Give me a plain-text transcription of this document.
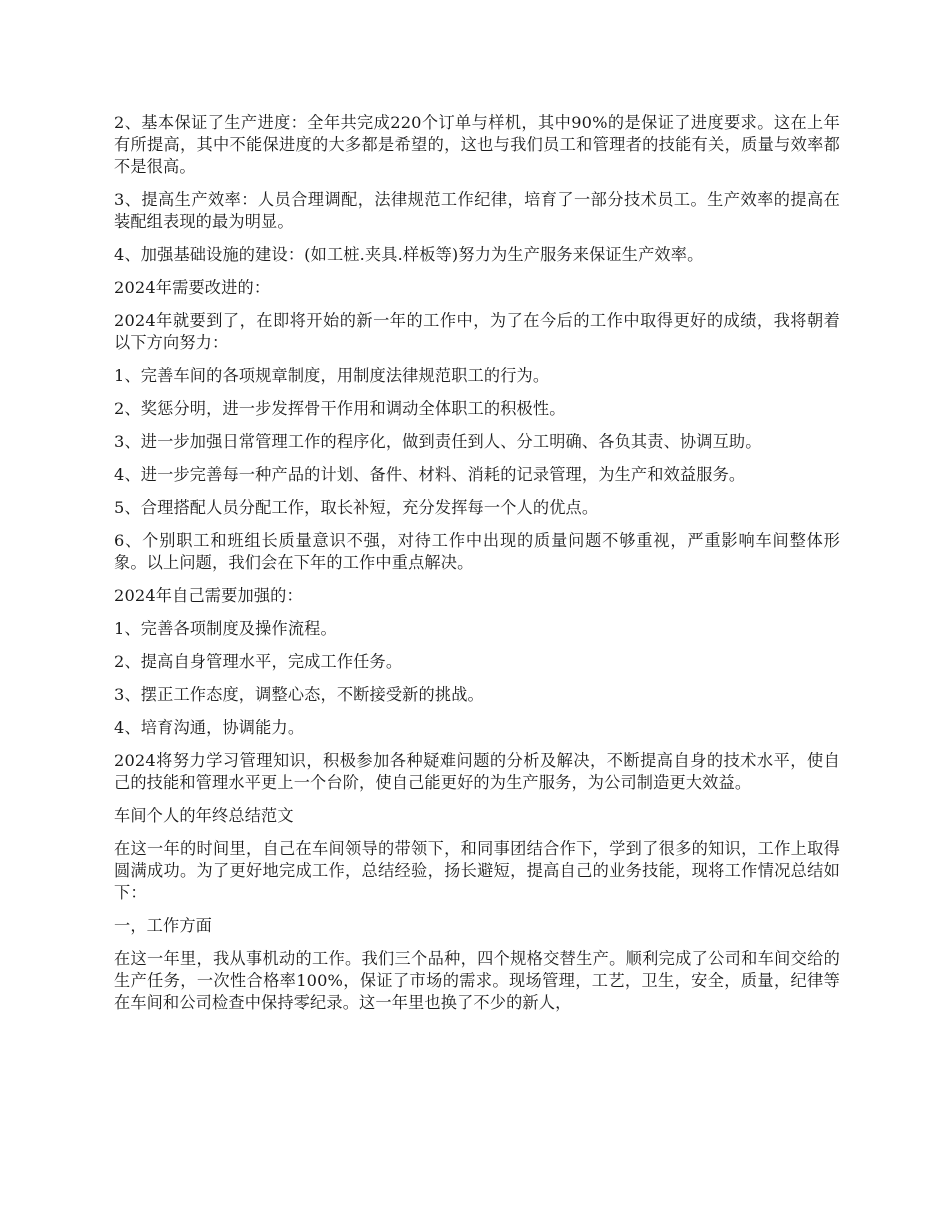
2、基本保证了生产进度：全年共完成220个订单与样机，其中90%的是保证了进度要求。这在上年有所提高，其中不能保进度的大多都是希望的，这也与我们员工和管理者的技能有关，质量与效率都不是很高。

3、提高生产效率：人员合理调配，法律规范工作纪律，培育了一部分技术员工。生产效率的提高在装配组表现的最为明显。

4、加强基础设施的建设：(如工桩.夹具.样板等)努力为生产服务来保证生产效率。

2024年需要改进的：

2024年就要到了，在即将开始的新一年的工作中，为了在今后的工作中取得更好的成绩，我将朝着以下方向努力：

1、完善车间的各项规章制度，用制度法律规范职工的行为。

2、奖惩分明，进一步发挥骨干作用和调动全体职工的积极性。

3、进一步加强日常管理工作的程序化，做到责任到人、分工明确、各负其责、协调互助。

4、进一步完善每一种产品的计划、备件、材料、消耗的记录管理，为生产和效益服务。

5、合理搭配人员分配工作，取长补短，充分发挥每一个人的优点。

6、个别职工和班组长质量意识不强，对待工作中出现的质量问题不够重视，严重影响车间整体形象。以上问题，我们会在下年的工作中重点解决。

2024年自己需要加强的：

1、完善各项制度及操作流程。

2、提高自身管理水平，完成工作任务。

3、摆正工作态度，调整心态，不断接受新的挑战。

4、培育沟通，协调能力。

2024将努力学习管理知识，积极参加各种疑难问题的分析及解决，不断提高自身的技术水平，使自己的技能和管理水平更上一个台阶，使自己能更好的为生产服务，为公司制造更大效益。

车间个人的年终总结范文

在这一年的时间里，自己在车间领导的带领下，和同事团结合作下，学到了很多的知识，工作上取得圆满成功。为了更好地完成工作，总结经验，扬长避短，提高自己的业务技能，现将工作情况总结如下：

一，工作方面

在这一年里，我从事机动的工作。我们三个品种，四个规格交替生产。顺利完成了公司和车间交给的生产任务，一次性合格率100%，保证了市场的需求。现场管理，工艺，卫生，安全，质量，纪律等在车间和公司检查中保持零纪录。这一年里也换了不少的新人，
